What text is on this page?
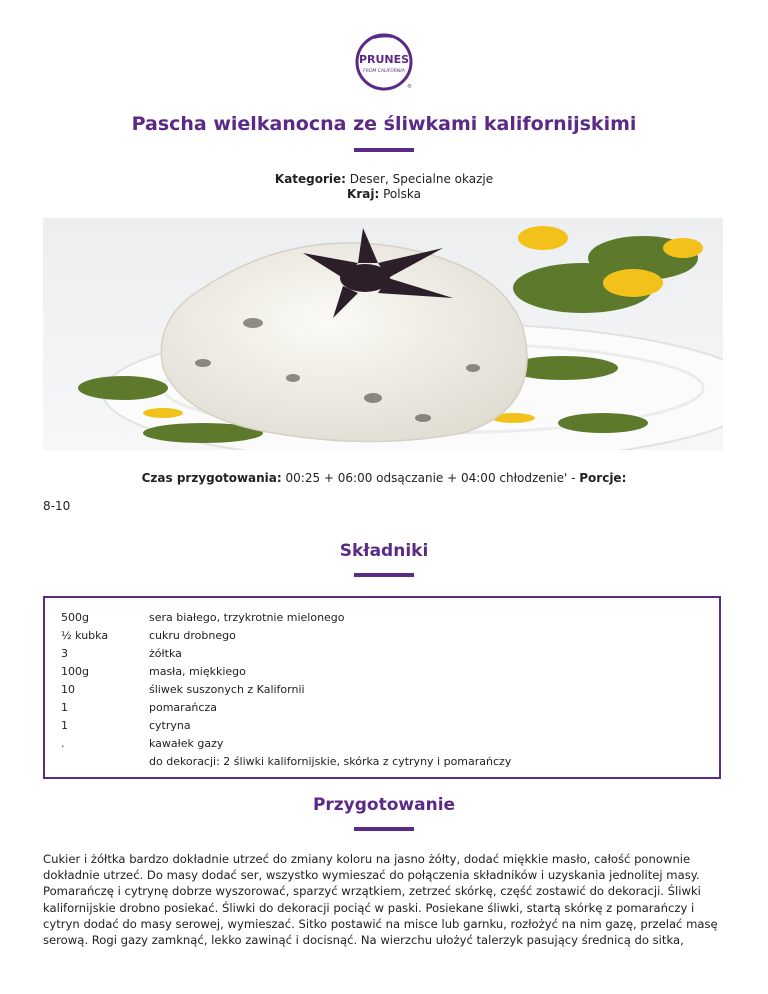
PRUNES
FROM CALIFORNIA
®
Pascha wielkanocna ze śliwkami kalifornijskimi
Kategorie: Deser, Specialne okazje
Kraj: Polska
Czas przygotowania: 00:25 + 06:00 odsączanie + 04:00 chłodzenie' - Porcje:
8-10
Składniki
500g	sera białego, trzykrotnie mielonego
½ kubka	cukru drobnego
3	żółtka
100g	masła, miękkiego
10	śliwek suszonych z Kalifornii
1	pomarańcza
1	cytryna
.	kawałek gazy
do dekoracji: 2 śliwki kalifornijskie, skórka z cytryny i pomarańczy
Przygotowanie
Cukier i żółtka bardzo dokładnie utrzeć do zmiany koloru na jasno żółty, dodać miękkie masło, całość ponownie dokładnie utrzeć. Do masy dodać ser, wszystko wymieszać do połączenia składników i uzyskania jednolitej masy. Pomarańczę i cytrynę dobrze wyszorować, sparzyć wrzątkiem, zetrzeć skórkę, część zostawić do dekoracji. Śliwki kalifornijskie drobno posiekać. Śliwki do dekoracji pociąć w paski. Posiekane śliwki, startą skórkę z pomarańczy i cytryn dodać do masy serowej, wymieszać. Sitko postawić na misce lub garnku, rozłożyć na nim gazę, przelać masę serową. Rogi gazy zamknąć, lekko zawinąć i docisnąć. Na wierzchu ułożyć talerzyk pasujący średnicą do sitka,
